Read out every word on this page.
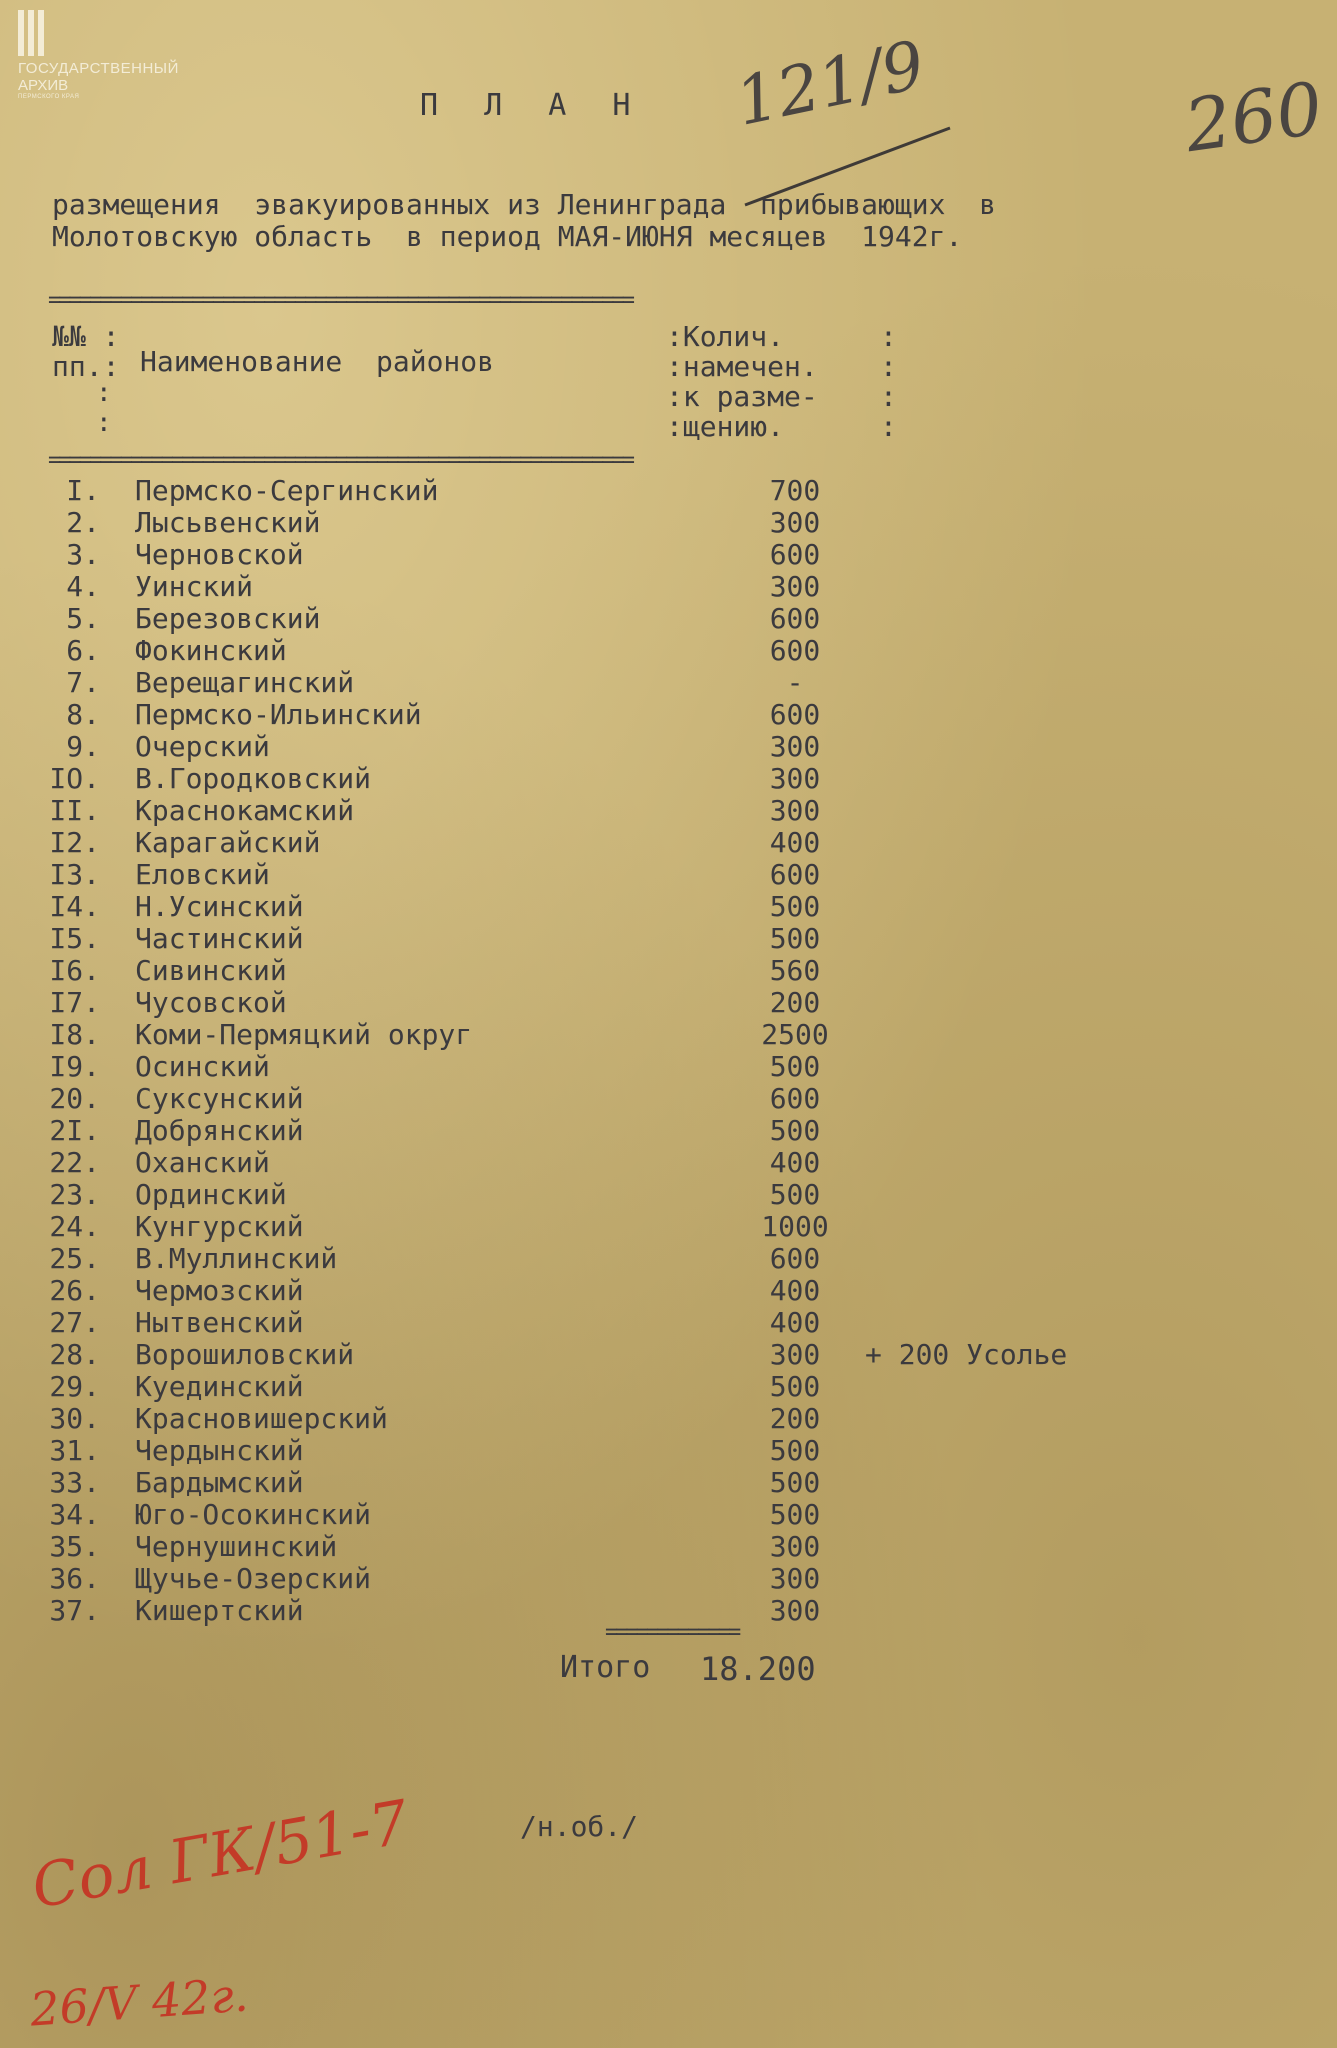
ГОСУДАРСТВЕННЫЙ
АРХИВ
ПЕРМСКОГО КРАЯ	121/9	260
П Л А Н
размещения  эвакуированных из Ленинграда  прибывающих  в
Молотовскую область  в период МАЯ-ИЮНЯ месяцев  1942г.
=========================================================
№№ :
пп.:
:
:
Наименование  районов
:Колич.
:намечен.
:к разме-
:щению.
:
:
:
:
=========================================================
I. Пермско-Сергинский	700
2. Лысьвенский	300
3. Черновской	600
4. Уинский	300
5. Березовский	600
6. Фокинский	600
7. Верещагинский	-
8. Пермско-Ильинский	600
9. Очерский	300
IO. В.Городковский	300
II. Краснокамский	300
I2. Карагайский	400
I3. Еловский	600
I4. Н.Усинский	500
I5. Частинский	500
I6. Сивинский	560
I7. Чусовской	200
I8. Коми-Пермяцкий округ	2500
I9. Осинский	500
20. Суксунский	600
2I. Добрянский	500
22. Оханский	400
23. Ординский	500
24. Кунгурский	1000
25. В.Муллинский	600
26. Чермозский	400
27. Нытвенский	400
28. Ворошиловский	300	+ 200 Усолье
29. Куединский	500
30. Красновишерский	200
31. Чердынский	500
33. Бардымский	500
34. Юго-Осокинский	500
35. Чернушинский	300
36. Щучье-Озерский	300
37. Кишертский	300
=============
Итого 18.200
/н.об./
Сол ГК/51-7
26/V 42г.
